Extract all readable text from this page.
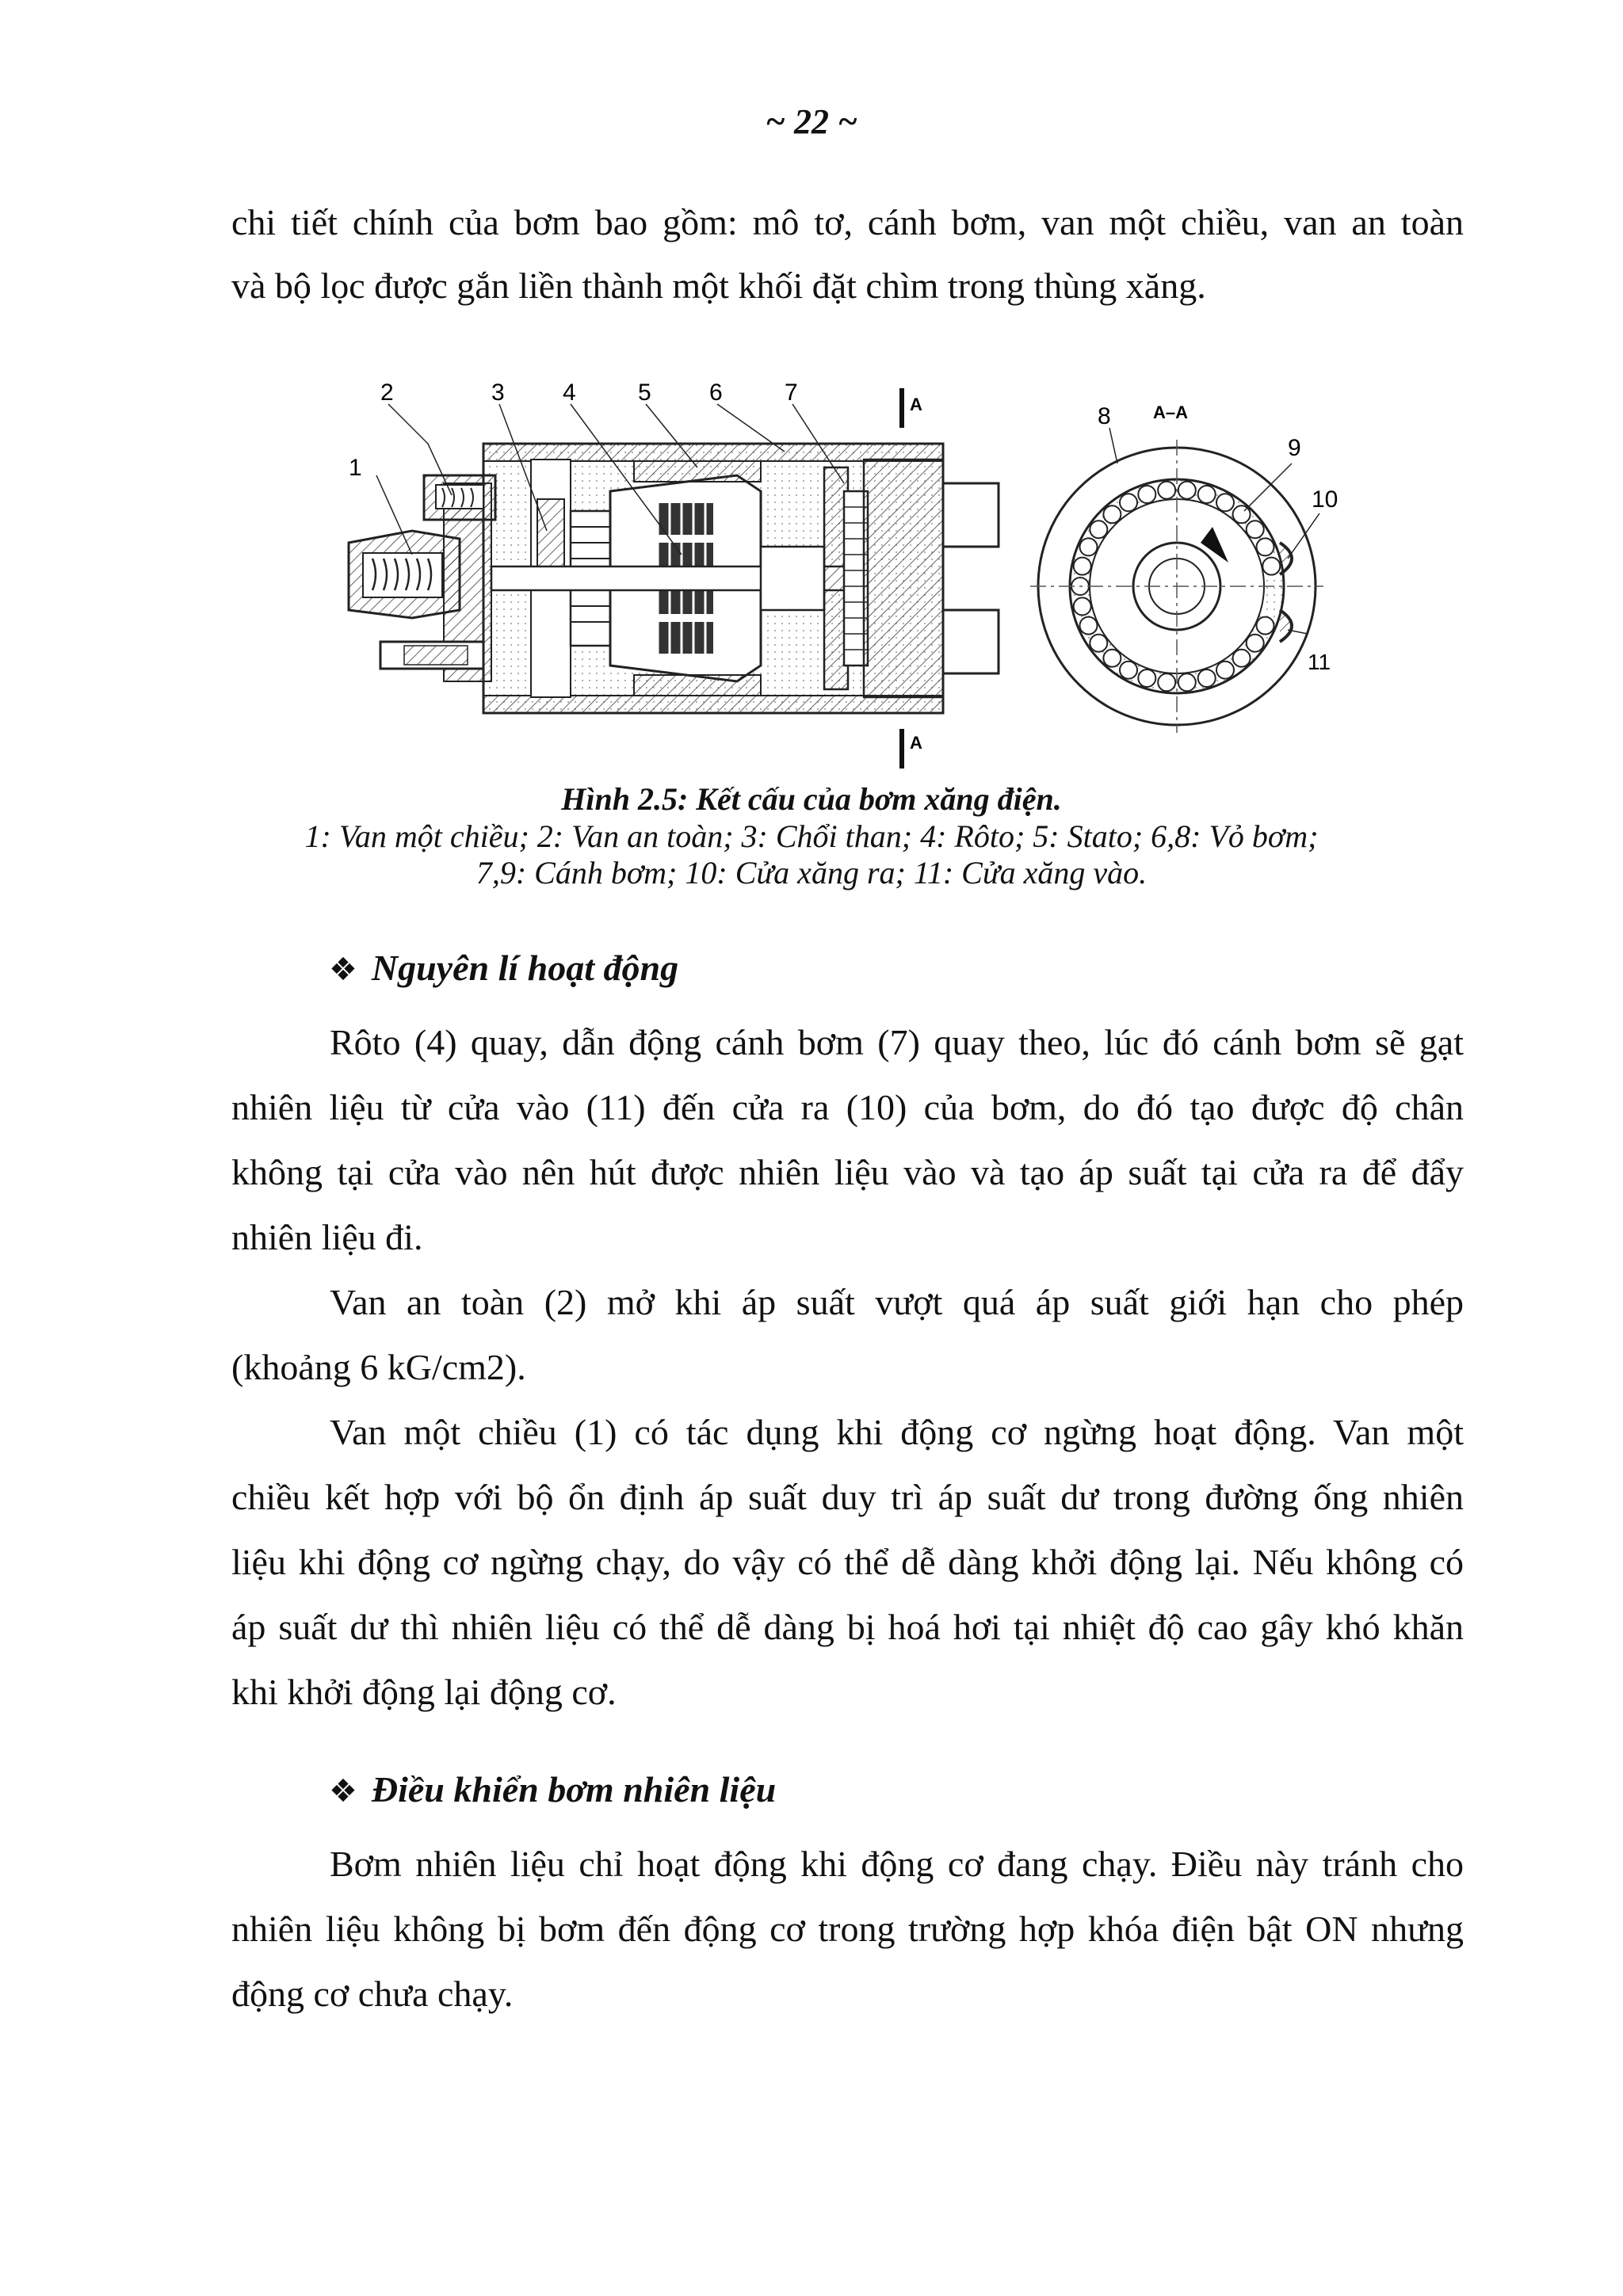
~ 22 ~

chi tiết chính của bơm bao gồm: mô tơ, cánh bơm, van một chiều, van an toàn

và bộ lọc được gắn liền thành một khối đặt chìm trong thùng xăng.

1
2	3 4	5 6	7
8
9
10
11
A
A
A–A
Hình 2.5: Kết cấu của bơm xăng điện.
1: Van một chiều; 2: Van an toàn; 3: Chổi than; 4: Rôto; 5: Stato; 6,8: Vỏ bơm;
7,9: Cánh bơm; 10: Cửa xăng ra; 11: Cửa xăng vào.
❖ Nguyên lí hoạt động

Rôto (4) quay, dẫn động cánh bơm (7) quay theo, lúc đó cánh bơm sẽ gạt

nhiên liệu từ cửa vào (11) đến cửa ra (10) của bơm, do đó tạo được độ chân

không tại cửa vào nên hút được nhiên liệu vào và tạo áp suất tại cửa ra để đẩy

nhiên liệu đi.

Van an toàn (2) mở khi áp suất vượt quá áp suất giới hạn cho phép

(khoảng 6 kG/cm2).

Van một chiều (1) có tác dụng khi động cơ ngừng hoạt động. Van một

chiều kết hợp với bộ ổn định áp suất duy trì áp suất dư trong đường ống nhiên

liệu khi động cơ ngừng chạy, do vậy có thể dễ dàng khởi động lại. Nếu không có

áp suất dư thì nhiên liệu có thể dễ dàng bị hoá hơi tại nhiệt độ cao gây khó khăn

khi khởi động lại động cơ.

❖ Điều khiển bơm nhiên liệu

Bơm nhiên liệu chỉ hoạt động khi động cơ đang chạy. Điều này tránh cho

nhiên liệu không bị bơm đến động cơ trong trường hợp khóa điện bật ON nhưng

động cơ chưa chạy.
